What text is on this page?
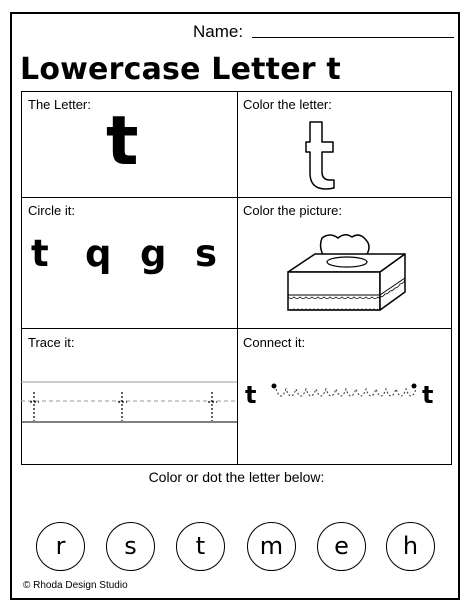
Name:
Lowercase Letter t
The Letter: t	Color the letter:
Circle it:
t q g s
Color the picture:
Trace it:	Connect it:
t	t
Color or dot the letter below:
r	s	t	m	e	h
© Rhoda Design Studio
